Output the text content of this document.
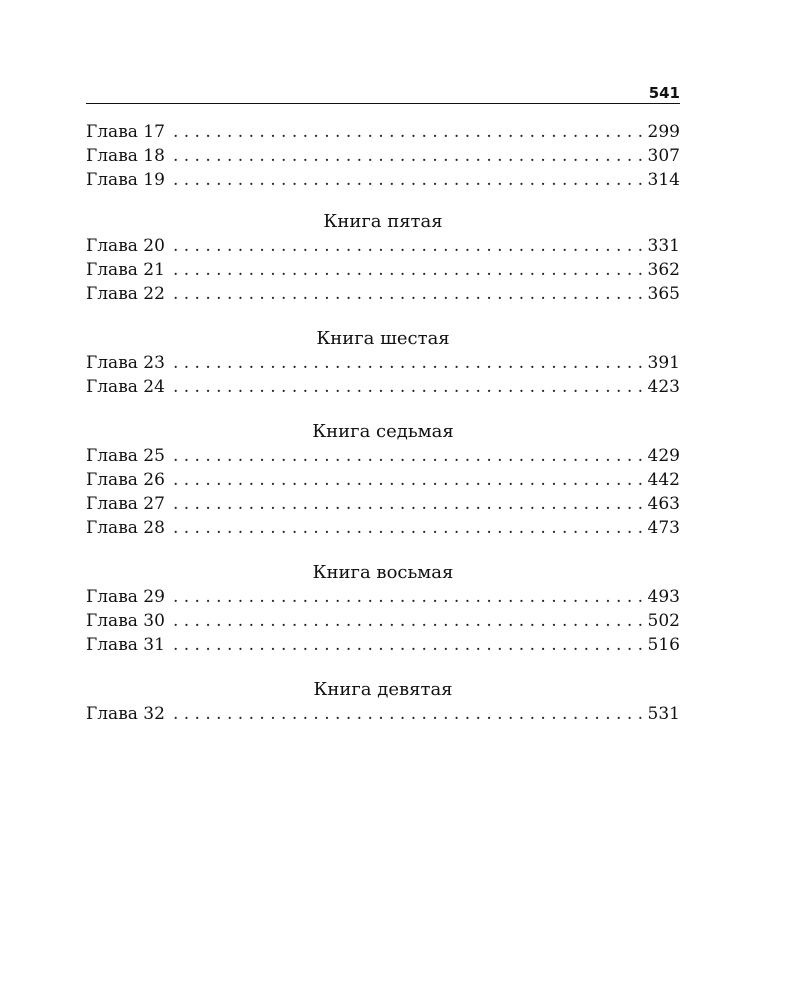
541
Глава 17 . . .	299
Глава 18 . . .	307
Глава 19 . . .	314
Книга пятая
Глава 20 . . .	331
Глава 21 . . .	362
Глава 22 . . .	365
Книга шестая
Глава 23 . . .	391
Глава 24 . . .	423
Книга седьмая
Глава 25 . . .	429
Глава 26 . . .	442
Глава 27 . . .	463
Глава 28 . . .	473
Книга восьмая
Глава 29 . . .	493
Глава 30 . . .	502
Глава 31 . . .	516
Книга девятая
Глава 32 . . .	531
